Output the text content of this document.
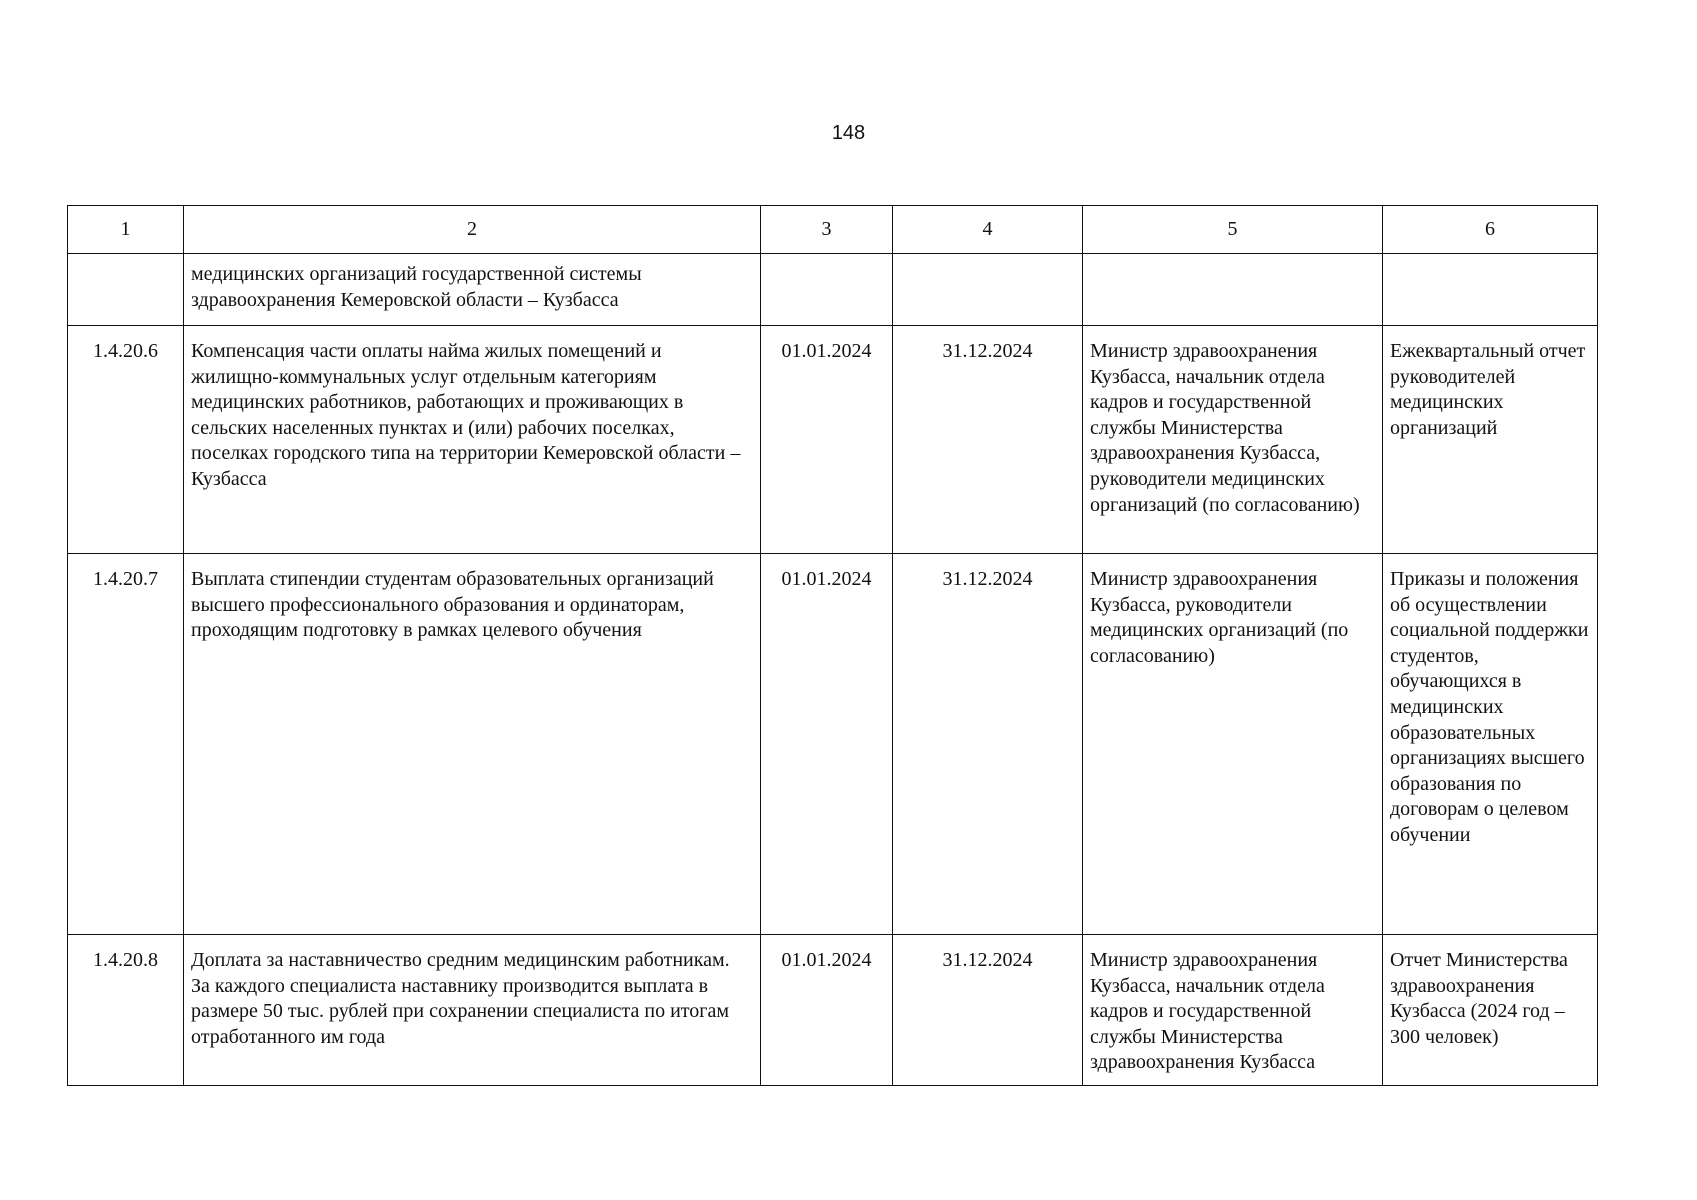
148
1	2	3	4	5	6
	медицинских организаций государственной системы здравоохранения Кемеровской области – Кузбасса				
1.4.20.6	Компенсация части оплаты найма жилых помещений и жилищно-коммунальных услуг отдельным категориям медицинских работников, работающих и проживающих в сельских населенных пунктах и (или) рабочих поселках, поселках городского типа на территории Кемеровской области – Кузбасса	01.01.2024	31.12.2024	Министр здравоохранения Кузбасса, начальник отдела кадров и государственной службы Министерства здравоохранения Кузбасса, руководители медицинских организаций (по согласованию)	Ежеквартальный отчет руководителей медицинских организаций
1.4.20.7	Выплата стипендии студентам образовательных организаций высшего профессионального образования и ординаторам, проходящим подготовку в рамках целевого обучения	01.01.2024	31.12.2024	Министр здравоохранения Кузбасса, руководители медицинских организаций (по согласованию)	Приказы и положения об осуществлении социальной поддержки студентов, обучающихся в медицинских образовательных организациях высшего образования по договорам о целевом обучении
1.4.20.8	Доплата за наставничество средним медицинским работникам. За каждого специалиста наставнику производится выплата в размере 50 тыс. рублей при сохранении специалиста по итогам отработанного им года	01.01.2024	31.12.2024	Министр здравоохранения Кузбасса, начальник отдела кадров и государственной службы Министерства здравоохранения Кузбасса	Отчет Министерства здравоохранения Кузбасса (2024 год – 300 человек)
